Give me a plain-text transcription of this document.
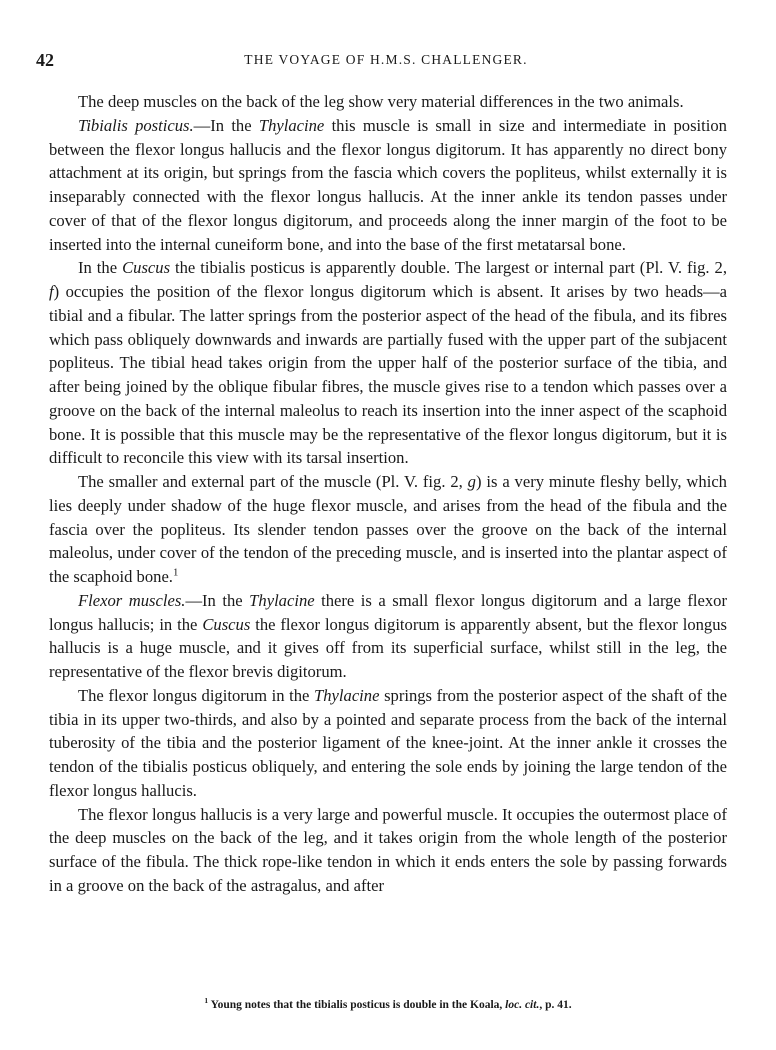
42	THE VOYAGE OF H.M.S. CHALLENGER.

The deep muscles on the back of the leg show very material differences in the two animals.

Tibialis posticus.—In the Thylacine this muscle is small in size and intermediate in position between the flexor longus hallucis and the flexor longus digitorum. It has apparently no direct bony attachment at its origin, but springs from the fascia which covers the popliteus, whilst externally it is inseparably connected with the flexor longus hallucis. At the inner ankle its tendon passes under cover of that of the flexor longus digitorum, and proceeds along the inner margin of the foot to be inserted into the internal cuneiform bone, and into the base of the first metatarsal bone.

In the Cuscus the tibialis posticus is apparently double. The largest or internal part (Pl. V. fig. 2, f) occupies the position of the flexor longus digitorum which is absent. It arises by two heads—a tibial and a fibular. The latter springs from the posterior aspect of the head of the fibula, and its fibres which pass obliquely downwards and inwards are partially fused with the upper part of the subjacent popliteus. The tibial head takes origin from the upper half of the posterior surface of the tibia, and after being joined by the oblique fibular fibres, the muscle gives rise to a tendon which passes over a groove on the back of the internal maleolus to reach its insertion into the inner aspect of the scaphoid bone. It is possible that this muscle may be the representative of the flexor longus digitorum, but it is difficult to reconcile this view with its tarsal insertion.

The smaller and external part of the muscle (Pl. V. fig. 2, g) is a very minute fleshy belly, which lies deeply under shadow of the huge flexor muscle, and arises from the head of the fibula and the fascia over the popliteus. Its slender tendon passes over the groove on the back of the internal maleolus, under cover of the tendon of the preceding muscle, and is inserted into the plantar aspect of the scaphoid bone.$^1$

Flexor muscles.—In the Thylacine there is a small flexor longus digitorum and a large flexor longus hallucis; in the Cuscus the flexor longus digitorum is apparently absent, but the flexor longus hallucis is a huge muscle, and it gives off from its superficial surface, whilst still in the leg, the representative of the flexor brevis digitorum.

The flexor longus digitorum in the Thylacine springs from the posterior aspect of the shaft of the tibia in its upper two-thirds, and also by a pointed and separate process from the back of the internal tuberosity of the tibia and the posterior ligament of the knee-joint. At the inner ankle it crosses the tendon of the tibialis posticus obliquely, and entering the sole ends by joining the large tendon of the flexor longus hallucis.

The flexor longus hallucis is a very large and powerful muscle. It occupies the outermost place of the deep muscles on the back of the leg, and it takes origin from the whole length of the posterior surface of the fibula. The thick rope-like tendon in which it ends enters the sole by passing forwards in a groove on the back of the astragalus, and after

$^1$ Young notes that the tibialis posticus is double in the Koala, loc. cit., p. 41.
